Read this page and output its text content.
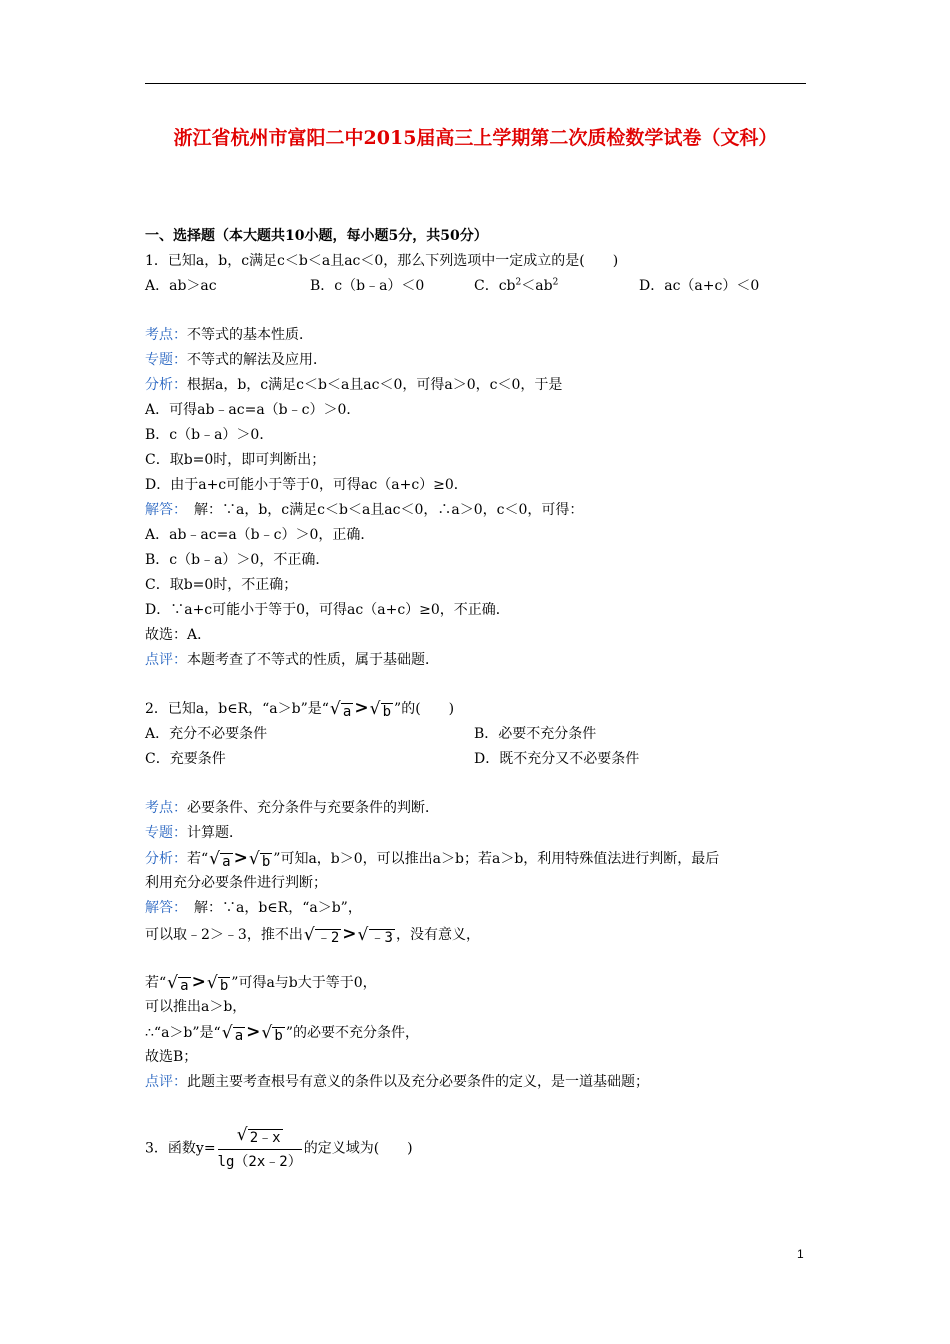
浙江省杭州市富阳二中2015届高三上学期第二次质检数学试卷（文科）
一、选择题（本大题共10小题，每小题5分，共50分）
1．已知a，b，c满足c＜b＜a且ac＜0，那么下列选项中一定成立的是(　　)
A．ab＞ac	B．c（b﹣a）＜0	C．$cb^2<ab^2$	D．ac（a+c）＜0
考点：不等式的基本性质．
专题：不等式的解法及应用．
分析：根据a，b，c满足c＜b＜a且ac＜0，可得a＞0，c＜0，于是
A．可得ab﹣ac=a（b﹣c）＞0．
B．c（b﹣a）＞0．
C．取b=0时，即可判断出；
D．由于a+c可能小于等于0，可得ac（a+c）≥0．
解答：　解：∵a，b，c满足c＜b＜a且ac＜0，∴a＞0，c＜0，可得：
A．ab﹣ac=a（b﹣c）＞0，正确．
B．c（b﹣a）＞0，不正确．
C．取b=0时，不正确；
D．∵a+c可能小于等于0，可得ac（a+c）≥0，不正确．
故选：A．
点评：本题考查了不等式的性质，属于基础题．
2．已知a，b∈R，“a＞b”是“ √ a > √ b ”的(　　)
A．充分不必要条件	B．必要不充分条件
C．充要条件	D．既不充分又不必要条件
考点：必要条件、充分条件与充要条件的判断．
专题：计算题．
分析：若“ √ a > √ b ”可知a，b＞0，可以推出a＞b；若a＞b，利用特殊值法进行判断，最后
利用充分必要条件进行判断；
解答：　解：∵a，b∈R，“a＞b”，
可以取﹣2＞﹣3，推不出 √ ﹣2 > √ ﹣3 ，没有意义，
若“ √ a > √ b ”可得a与b大于等于0，
可以推出a＞b，
∴“a＞b”是“ √ a > √ b ”的必要不充分条件，
故选B；
点评：此题主要考查根号有意义的条件以及充分必要条件的定义，是一道基础题；
3．函数y= √ $\frac{2﹣x}{\lg(2x﹣2)}$ 的定义域为(　　)
1
